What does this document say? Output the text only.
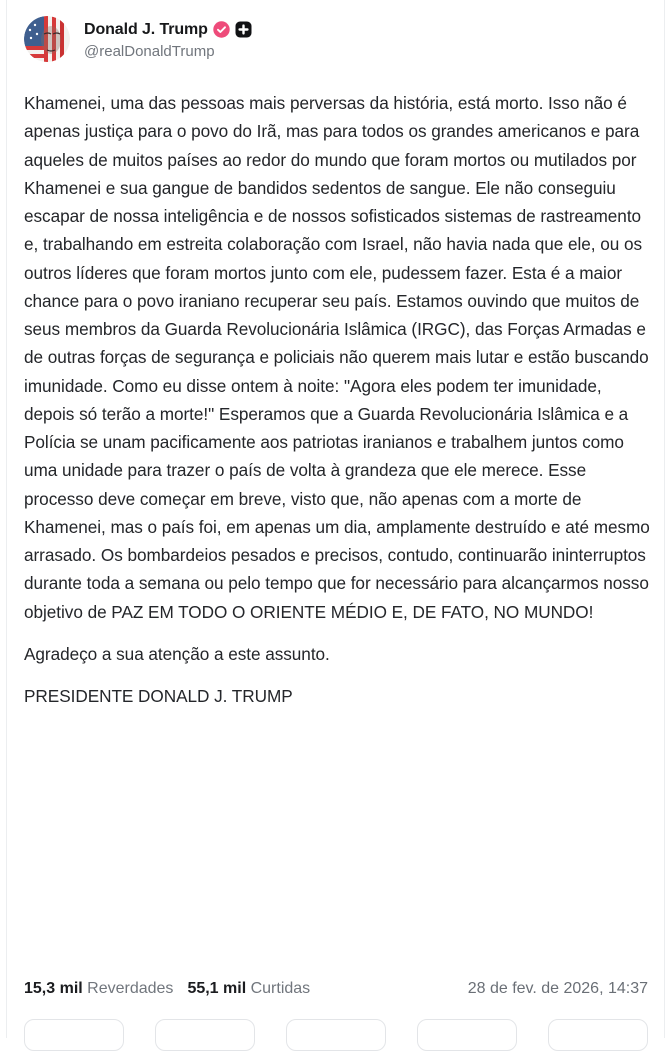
Donald J. Trump
@realDonaldTrump

Khamenei, uma das pessoas mais perversas da história, está morto. Isso não é apenas justiça para o povo do Irã, mas para todos os grandes americanos e para aqueles de muitos países ao redor do mundo que foram mortos ou mutilados por Khamenei e sua gangue de bandidos sedentos de sangue. Ele não conseguiu escapar de nossa inteligência e de nossos sofisticados sistemas de rastreamento e, trabalhando em estreita colaboração com Israel, não havia nada que ele, ou os outros líderes que foram mortos junto com ele, pudessem fazer. Esta é a maior chance para o povo iraniano recuperar seu país. Estamos ouvindo que muitos de seus membros da Guarda Revolucionária Islâmica (IRGC), das Forças Armadas e de outras forças de segurança e policiais não querem mais lutar e estão buscando imunidade. Como eu disse ontem à noite: "Agora eles podem ter imunidade, depois só terão a morte!" Esperamos que a Guarda Revolucionária Islâmica e a Polícia se unam pacificamente aos patriotas iranianos e trabalhem juntos como uma unidade para trazer o país de volta à grandeza que ele merece. Esse processo deve começar em breve, visto que, não apenas com a morte de Khamenei, mas o país foi, em apenas um dia, amplamente destruído e até mesmo arrasado. Os bombardeios pesados e precisos, contudo, continuarão ininterruptos durante toda a semana ou pelo tempo que for necessário para alcançarmos nosso objetivo de PAZ EM TODO O ORIENTE MÉDIO E, DE FATO, NO MUNDO!

Agradeço a sua atenção a este assunto.

PRESIDENTE DONALD J. TRUMP

15,3 mil Reverdades 55,1 mil Curtidas	28 de fev. de 2026, 14:37
